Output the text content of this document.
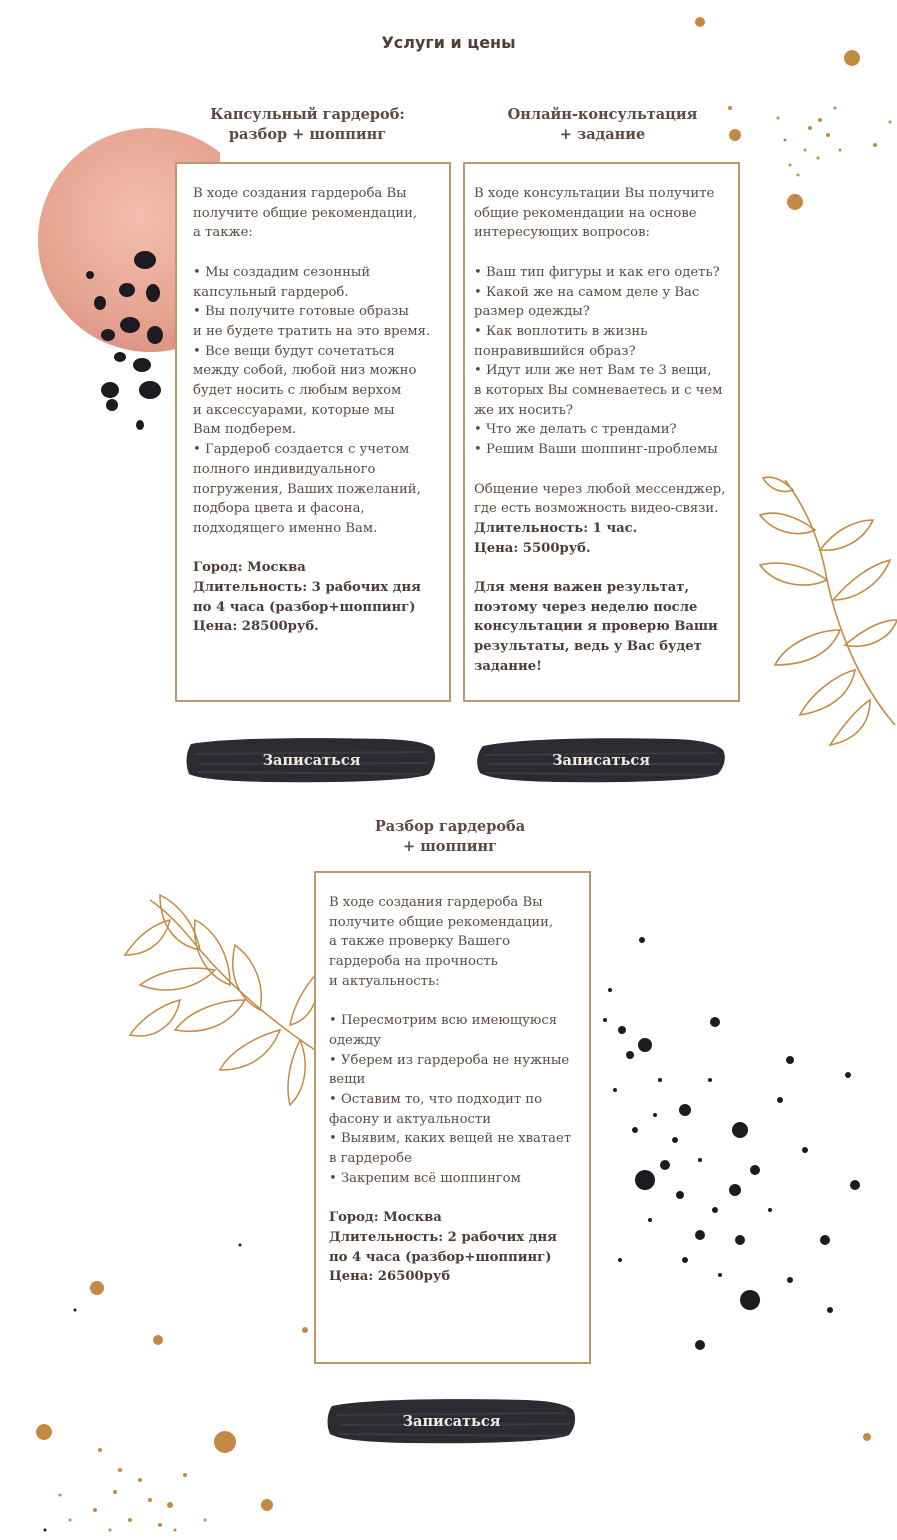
Услуги и цены
Капсульный гардероб:
разбор + шоппинг

В ходе создания гардероба Вы

получите общие рекомендации,

а также:

• Мы создадим сезонный

капсульный гардероб.

• Вы получите готовые образы

и не будете тратить на это время.

• Все вещи будут сочетаться

между собой, любой низ можно

будет носить с любым верхом

и аксессуарами, которые мы

Вам подберем.

• Гардероб создается с учетом

полного индивидуального

погружения, Ваших пожеланий,

подбора цвета и фасона,

подходящего именно Вам.

Город: Москва

Длительность: 3 рабочих дня

по 4 часа (разбор+шоппинг)

Цена: 28500руб.

Онлайн-консультация
+ задание

В ходе консультации Вы получите

общие рекомендации на основе

интересующих вопросов:

• Ваш тип фигуры и как его одеть?

• Какой же на самом деле у Вас

размер одежды?

• Как воплотить в жизнь

понравившийся образ?

• Идут или же нет Вам те 3 вещи,

в которых Вы сомневаетесь и с чем

же их носить?

• Что же делать с трендами?

• Решим Ваши шоппинг-проблемы

Общение через любой мессенджер,

где есть возможность видео-связи.

Длительность: 1 час.

Цена: 5500руб.

Для меня важен результат,

поэтому через неделю после

консультации я проверю Ваши

результаты, ведь у Вас будет

задание!

Записаться	Записаться
Разбор гардероба
+ шоппинг

В ходе создания гардероба Вы

получите общие рекомендации,

а также проверку Вашего

гардероба на прочность

и актуальность:

• Пересмотрим всю имеющуюся

одежду

• Уберем из гардероба не нужные

вещи

• Оставим то, что подходит по

фасону и актуальности

• Выявим, каких вещей не хватает

в гардеробе

• Закрепим всё шоппингом

Город: Москва

Длительность: 2 рабочих дня

по 4 часа (разбор+шоппинг)

Цена: 26500руб

Записаться
